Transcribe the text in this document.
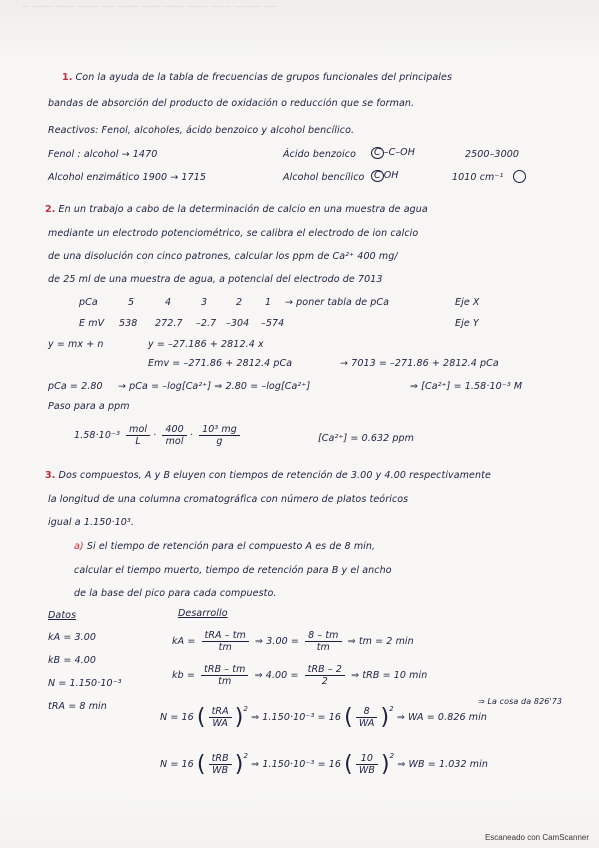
— ——— ——— ——— —— ——— ——— ——— ——— ——— ———— ——
1. Con la ayuda de la tabla de frecuencias de grupos funcionales del principales
bandas de absorción del producto de oxidación o reducción que se forman.
Reactivos: Fenol, alcoholes, ácido benzoico y alcohol bencílico.
Fenol : alcohol → 1470	Ácido benzoico	C –C–OH	2500–3000
Alcohol enzimático 1900 → 1715	Alcohol bencílico	C OH	1010 cm⁻¹
2. En un trabajo a cabo de la determinación de calcio en una muestra de agua
mediante un electrodo potenciométrico, se calibra el electrodo de ion calcio
de una disolución con cinco patrones, calcular los ppm de Ca²⁺ 400 mg/
de 25 ml de una muestra de agua, a potencial del electrodo de 7013
pCa	5	4	3	2 1 → poner tabla de pCa	Eje X
E mV 538 272.7 –2.7 –304 –574	Eje Y
y = mx + n	y = –27.186 + 2812.4 x
Emv = –271.86 + 2812.4 pCa	→ 7013 = –271.86 + 2812.4 pCa
pCa = 2.80 → pCa = –log[Ca²⁺] ⇒ 2.80 = –log[Ca²⁺]	⇒ [Ca²⁺] = 1.58·10⁻³ M
Paso para a ppm
$1.58\cdot 10^{-3} \frac{\text{mol}}{L} \cdot \frac{400}{\text{mol}} \cdot \frac{\text{10³ mg}}{g}$	[Ca²⁺] = 0.632 ppm
3. Dos compuestos, A y B eluyen con tiempos de retención de 3.00 y 4.00 respectivamente
la longitud de una columna cromatográfica con número de platos teóricos
igual a 1.150·10³.
a) Si el tiempo de retención para el compuesto A es de 8 min,
calcular el tiempo muerto, tiempo de retención para B y el ancho
de la base del pico para cada compuesto.
Datos	Desarrollo
kA = 3.00
kB = 4.00
N = 1.150·10⁻³
tRA = 8 min
kA = $\frac{\text{tRA – tm}}{tm}$ ⇒ $3.00 = \frac{8 - tm}{tm}$ ⇒ tm = 2 min
kb = $\frac{\text{tRB – tm}}{tm}$ ⇒ $4.00 = \frac{\text{tRB – 2}}{2}$ ⇒ tRB = 10 min
⇒ La cosa da 826'73
N = 16 ( $\frac{\text{tRA}}{WA} )^2$ ⇒ 1.150·10⁻³ = 16 ( $\frac{8}{WA} )^2$ ⇒ WA = 0.826 min
N = 16 ( $\frac{\text{tRB}}{WB} )^2$ ⇒ 1.150·10⁻³ = 16 ( $\frac{10}{WB} )^2$ ⇒ WB = 1.032 min
Escaneado con CamScanner
